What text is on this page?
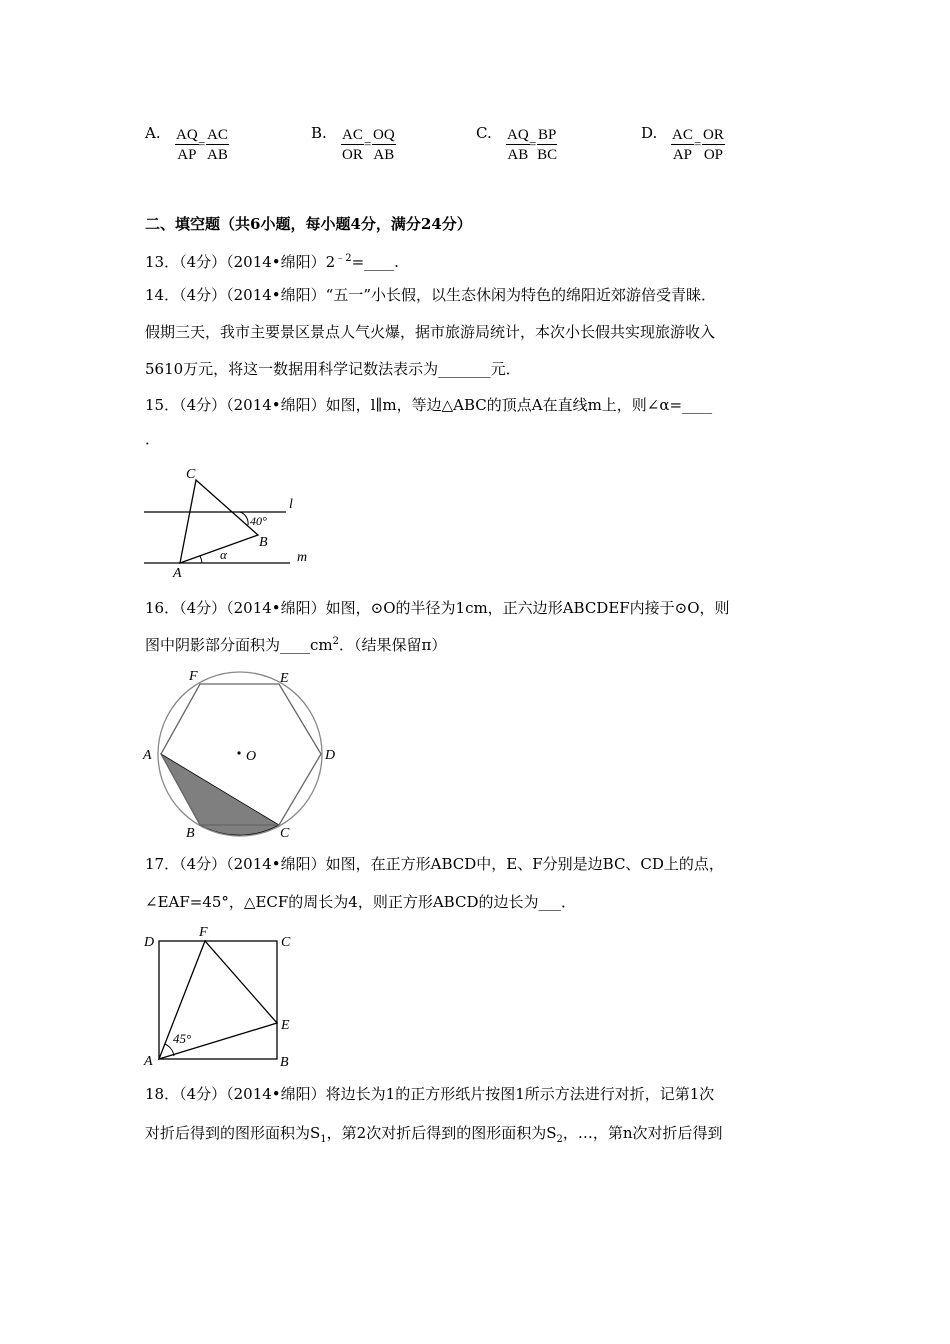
A. $\frac{AQ}{AP} = \frac{AC}{AB}$	B. $\frac{AC}{OR} = \frac{OQ}{AB}$	C. $\frac{AQ}{AB} = \frac{BP}{BC}$	D. $\frac{AC}{AP} = \frac{OR}{OP}$
二、填空题（共6小题，每小题4分，满分24分）
13．（4分）（2014•绵阳）$2^{﹣2}=\_\_\_\_$.
14．（4分）（2014•绵阳）“五一”小长假，以生态休闲为特色的绵阳近郊游倍受青睐．
假期三天，我市主要景区景点人气火爆，据市旅游局统计，本次小长假共实现旅游收入
5610万元，将这一数据用科学记数法表示为_______元．
15．（4分）（2014•绵阳）如图，l∥m，等边△ABC的顶点A在直线m上，则∠α=____
．
C
B
A
l
m
40°
α
16．（4分）（2014•绵阳）如图，⊙O的半径为1cm，正六边形ABCDEF内接于⊙O，则
图中阴影部分面积为$\_\_\_\_cm^2$．（结果保留π）
O
A
B	C
D
E
F
17．（4分）（2014•绵阳）如图，在正方形ABCD中，E、F分别是边BC、CD上的点，
∠EAF=45°，△ECF的周长为4，则正方形ABCD的边长为___．
D
F
C
E
A	B
45°
18．（4分）（2014•绵阳）将边长为1的正方形纸片按图1所示方法进行对折，记第1次
对折后得到的图形面积为$S_1$，第2次对折后得到的图形面积为$S_2$，…，第n次对折后得到
